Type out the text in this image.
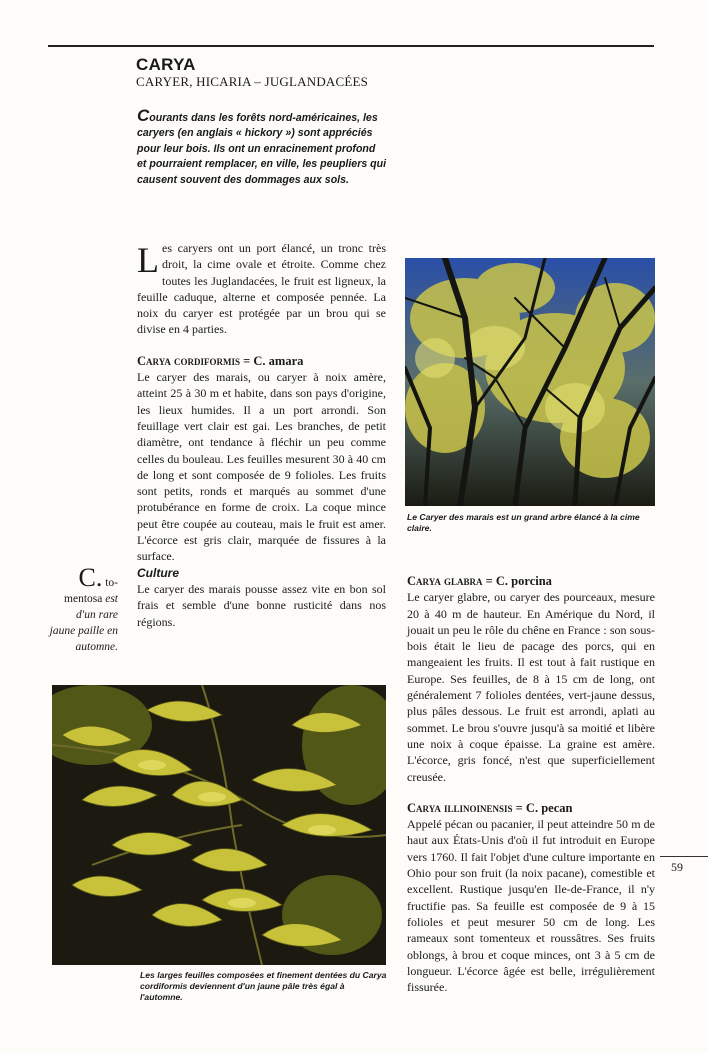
CARYA
CARYER, HICARIA – JUGLANDACÉES

Courants dans les forêts nord-américaines, les caryers (en anglais « hickory ») sont appréciés pour leur bois. Ils ont un enracinement profond et pourraient remplacer, en ville, les peupliers qui causent souvent des dommages aux sols.

Les caryers ont un port élancé, un tronc très droit, la cime ovale et étroite. Comme chez toutes les Juglandacées, le fruit est ligneux, la feuille caduque, alterne et composée pennée. La noix du caryer est protégée par un brou qui se divise en 4 parties.

Carya cordiformis = C. amara

Le caryer des marais, ou caryer à noix amère, atteint 25 à 30 m et habite, dans son pays d'origine, les lieux humides. Il a un port arrondi. Son feuillage vert clair est gai. Les branches, de petit diamètre, ont tendance à fléchir un peu comme celles du bouleau. Les feuilles mesurent 30 à 40 cm de long et sont composée de 9 folioles. Les fruits sont petits, ronds et marqués au sommet d'une protubérance en forme de croix. La coque mince peut être coupée au couteau, mais le fruit est amer. L'écorce est gris clair, marquée de fissures à la surface.

Culture

Le caryer des marais pousse assez vite en bon sol frais et semble d'une bonne rusticité dans nos régions.

C. to-mentosa est d'un rare jaune paille en automne.

Le Caryer des marais est un grand arbre élancé à la cime claire.

Carya glabra = C. porcina

Le caryer glabre, ou caryer des pourceaux, mesure 20 à 40 m de hauteur. En Amérique du Nord, il jouait un peu le rôle du chêne en France : son sous-bois était le lieu de pacage des porcs, qui en mangeaient les fruits. Il est tout à fait rustique en Europe. Ses feuilles, de 8 à 15 cm de long, ont généralement 7 folioles dentées, vert-jaune dessus, plus pâles dessous. Le fruit est arrondi, aplati au sommet. Le brou s'ouvre jusqu'à sa moitié et libère une noix à coque épaisse. La graine est amère. L'écorce, gris foncé, n'est que superficiellement creusée.

Carya illinoinensis = C. pecan

Appelé pécan ou pacanier, il peut atteindre 50 m de haut aux États-Unis d'où il fut introduit en Europe vers 1760. Il fait l'objet d'une culture importante en Ohio pour son fruit (la noix pacane), comestible et excellent. Rustique jusqu'en Ile-de-France, il n'y fructifie pas. Sa feuille est composée de 9 à 15 folioles et peut mesurer 50 cm de long. Les rameaux sont tomenteux et roussâtres. Ses fruits oblongs, à brou et coque minces, ont 3 à 5 cm de longueur. L'écorce âgée est belle, irrégulièrement fissurée.

Les larges feuilles composées et finement dentées du Carya cordiformis deviennent d'un jaune pâle très égal à l'automne.

59
